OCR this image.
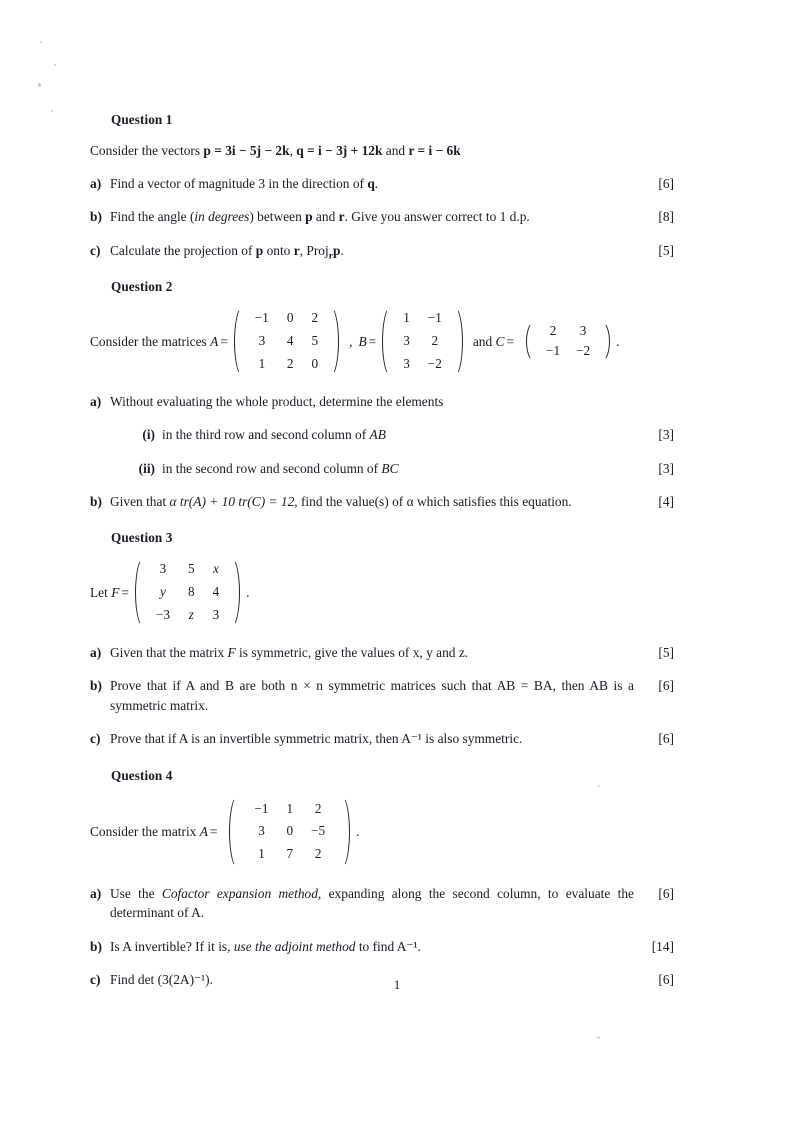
Question 1
Consider the vectors p = 3i − 5j − 2k, q = i − 3j + 12k and r = i − 6k
a) Find a vector of magnitude 3 in the direction of q.	[6]
b) Find the angle (in degrees) between p and r. Give you answer correct to 1 d.p.	[8]
c) Calculate the projection of p onto r, Proj$_r$p.	[5]
Question 2
Consider the matrices A =
−1	0	2
3	4	5
1	2	0
, B =
1	−1
3	2
3	−2
and C =
2	3
−1	−2
.
a) Without evaluating the whole product, determine the elements
(i) in the third row and second column of AB	[3]
(ii) in the second row and second column of BC	[3]
b) Given that α tr(A) + 10 tr(C) = 12, find the value(s) of α which satisfies this equation.	[4]
Question 3
Let F =
3	5	x
y	8	4
−3	z	3
.
a) Given that the matrix F is symmetric, give the values of x, y and z.	[5]
b) Prove that if A and B are both n × n symmetric matrices such that AB = BA, then AB is a symmetric matrix.
[6]
c) Prove that if A is an invertible symmetric matrix, then A⁻¹ is also symmetric.	[6]
Question 4
Consider the matrix A =
−1	1	2
3	0	−5
1	7	2
.
a) Use the Cofactor expansion method, expanding along the second column, to evaluate the determinant of A.
[6]
b) Is A invertible? If it is, use the adjoint method to find A⁻¹.	[14]
c) Find det (3(2A)⁻¹).	[6]
1
